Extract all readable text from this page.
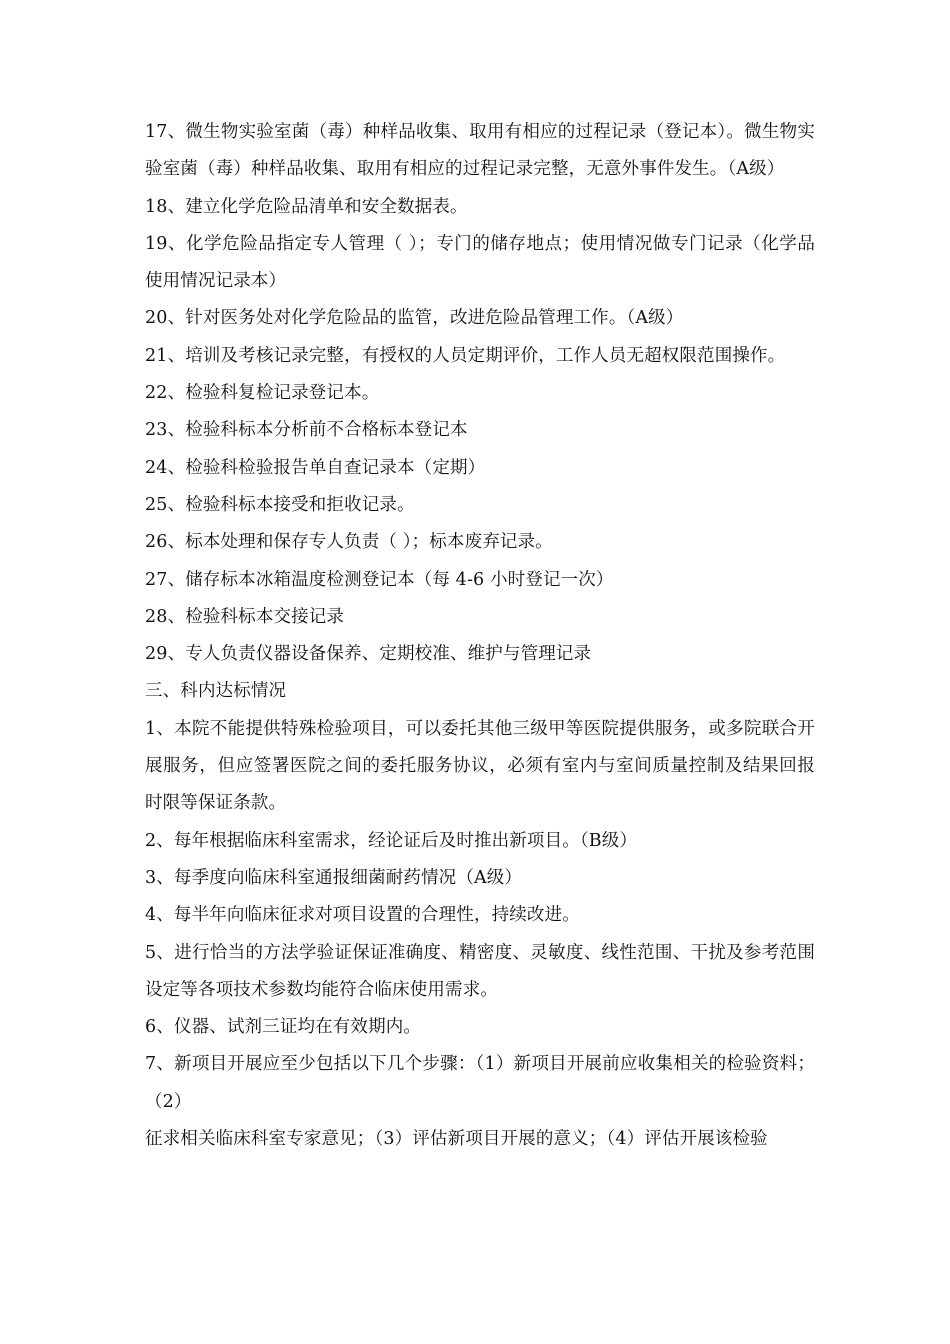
17、微生物实验室菌（毒）种样品收集、取用有相应的过程记录（登记本）。微生物实验室菌（毒）种样品收集、取用有相应的过程记录完整，无意外事件发生。（A级）

18、建立化学危险品清单和安全数据表。

19、化学危险品指定专人管理（ ）；专门的储存地点；使用情况做专门记录（化学品使用情况记录本）

20、针对医务处对化学危险品的监管，改进危险品管理工作。（A级）

21、培训及考核记录完整，有授权的人员定期评价，工作人员无超权限范围操作。

22、检验科复检记录登记本。

23、检验科标本分析前不合格标本登记本

24、检验科检验报告单自查记录本（定期）

25、检验科标本接受和拒收记录。

26、标本处理和保存专人负责（ ）；标本废弃记录。

27、储存标本冰箱温度检测登记本（每 4-6 小时登记一次）

28、检验科标本交接记录

29、专人负责仪器设备保养、定期校准、维护与管理记录

三、科内达标情况

1、本院不能提供特殊检验项目，可以委托其他三级甲等医院提供服务，或多院联合开展服务，但应签署医院之间的委托服务协议，必须有室内与室间质量控制及结果回报时限等保证条款。

2、每年根据临床科室需求，经论证后及时推出新项目。（B级）

3、每季度向临床科室通报细菌耐药情况（A级）

4、每半年向临床征求对项目设置的合理性，持续改进。

5、进行恰当的方法学验证保证准确度、精密度、灵敏度、线性范围、干扰及参考范围设定等各项技术参数均能符合临床使用需求。

6、仪器、试剂三证均在有效期内。

7、新项目开展应至少包括以下几个步骤：（1）新项目开展前应收集相关的检验资料；（2）

征求相关临床科室专家意见；（3）评估新项目开展的意义；（4）评估开展该检验
